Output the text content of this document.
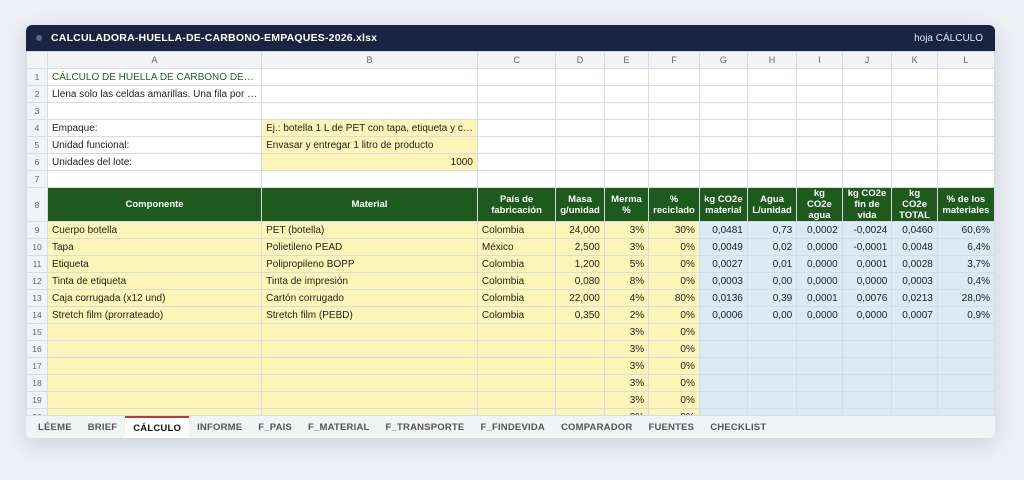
CALCULADORA-HUELLA-DE-CARBONO-EMPAQUES-2026.xlsx	hoja CÁLCULO
	A	B	C	D	E	F	G	H	I	J	K	L
1	CÁLCULO DE HUELLA DE CARBONO DE…											
2	Llena solo las celdas amarillas. Una fila por …											
3												
4	Empaque:	Ej.: botella 1 L de PET con tapa, etiqueta y c…										
5	Unidad funcional:	Envasar y entregar 1 litro de producto										
6	Unidades del lote:	1000										
7												
8	Componente	Material	País de fabricación	Masa g/unidad	Merma %	% reciclado	kg CO2e material	Agua L/unidad	kg CO2e agua	kg CO2e fin de vida	kg CO2e TOTAL	% de los materiales
9	Cuerpo botella	PET (botella)	Colombia	24,000	3%	30%	0,0481	0,73	0,0002	-0,0024	0,0460	60,6%
10	Tapa	Polietileno PEAD	México	2,500	3%	0%	0,0049	0,02	0,0000	-0,0001	0,0048	6,4%
11	Etiqueta	Polipropileno BOPP	Colombia	1,200	5%	0%	0,0027	0,01	0,0000	0,0001	0,0028	3,7%
12	Tinta de etiqueta	Tinta de impresión	Colombia	0,080	8%	0%	0,0003	0,00	0,0000	0,0000	0,0003	0,4%
13	Caja corrugada (x12 und)	Cartón corrugado	Colombia	22,000	4%	80%	0,0136	0,39	0,0001	0,0076	0,0213	28,0%
14	Stretch film (prorrateado)	Stretch film (PEBD)	Colombia	0,350	2%	0%	0,0006	0,00	0,0000	0,0000	0,0007	0,9%
15					3%	0%						
16					3%	0%						
17					3%	0%						
18					3%	0%						
19					3%	0%						

LÉEME	BRIEF	CÁLCULO	INFORME	F_PAIS	F_MATERIAL	F_TRANSPORTE	F_FINDEVIDA	COMPARADOR	FUENTES	CHECKLIST
